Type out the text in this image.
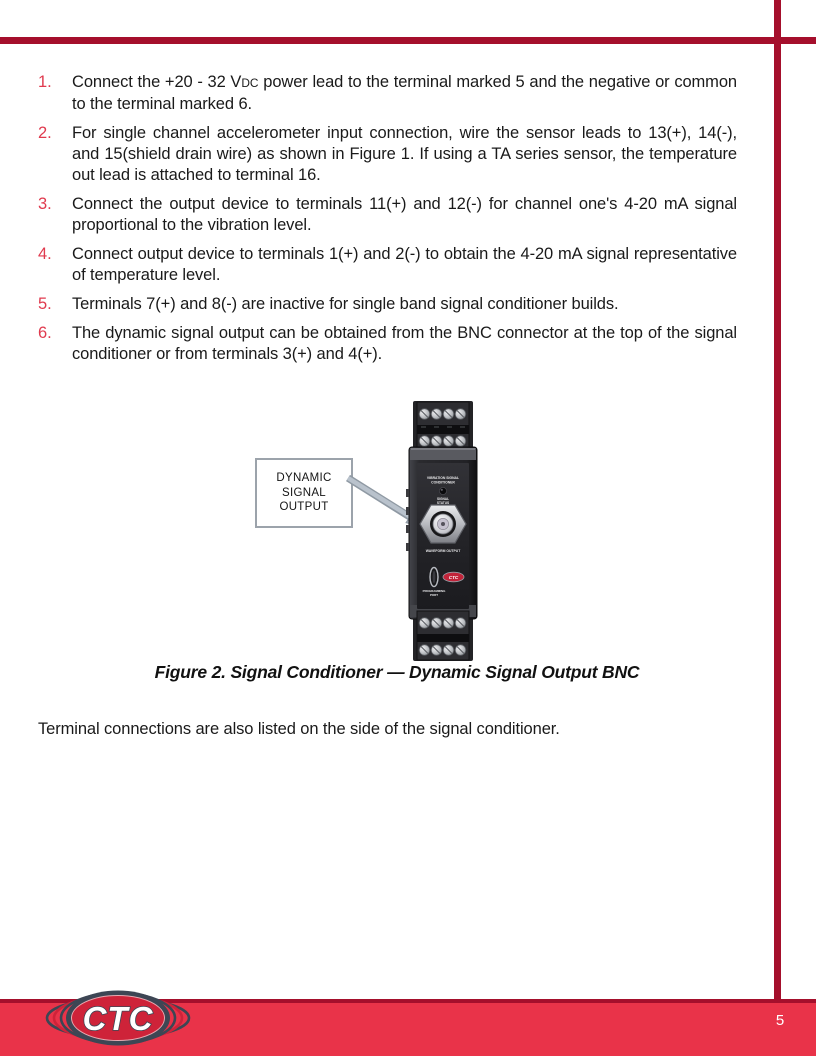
1. Connect the +20 - 32 VDC power lead to the terminal marked 5 and the negative or common to the terminal marked 6.
2. For single channel accelerometer input connection, wire the sensor leads to 13(+), 14(-), and 15(shield drain wire) as shown in Figure 1. If using a TA series sensor, the temperature out lead is attached to terminal 16.
3. Connect the output device to terminals 11(+) and 12(-) for channel one's 4-20 mA signal proportional to the vibration level.
4. Connect output device to terminals 1(+) and 2(-) to obtain the 4-20 mA signal representative of temperature level.
5. Terminals 7(+) and 8(-) are inactive for single band signal conditioner builds.
6. The dynamic signal output can be obtained from the BNC connector at the top of the signal conditioner or from terminals 3(+) and 4(+).
DYNAMIC
SIGNAL
OUTPUT
VIBRATION SIGNAL
CONDITIONER
SIGNAL
STATUS
WAVEFORM OUTPUT
PROGRAMMING
PORT
CTC
Figure 2. Signal Conditioner — Dynamic Signal Output BNC
Terminal connections are also listed on the side of the signal conditioner.
5
CTC
